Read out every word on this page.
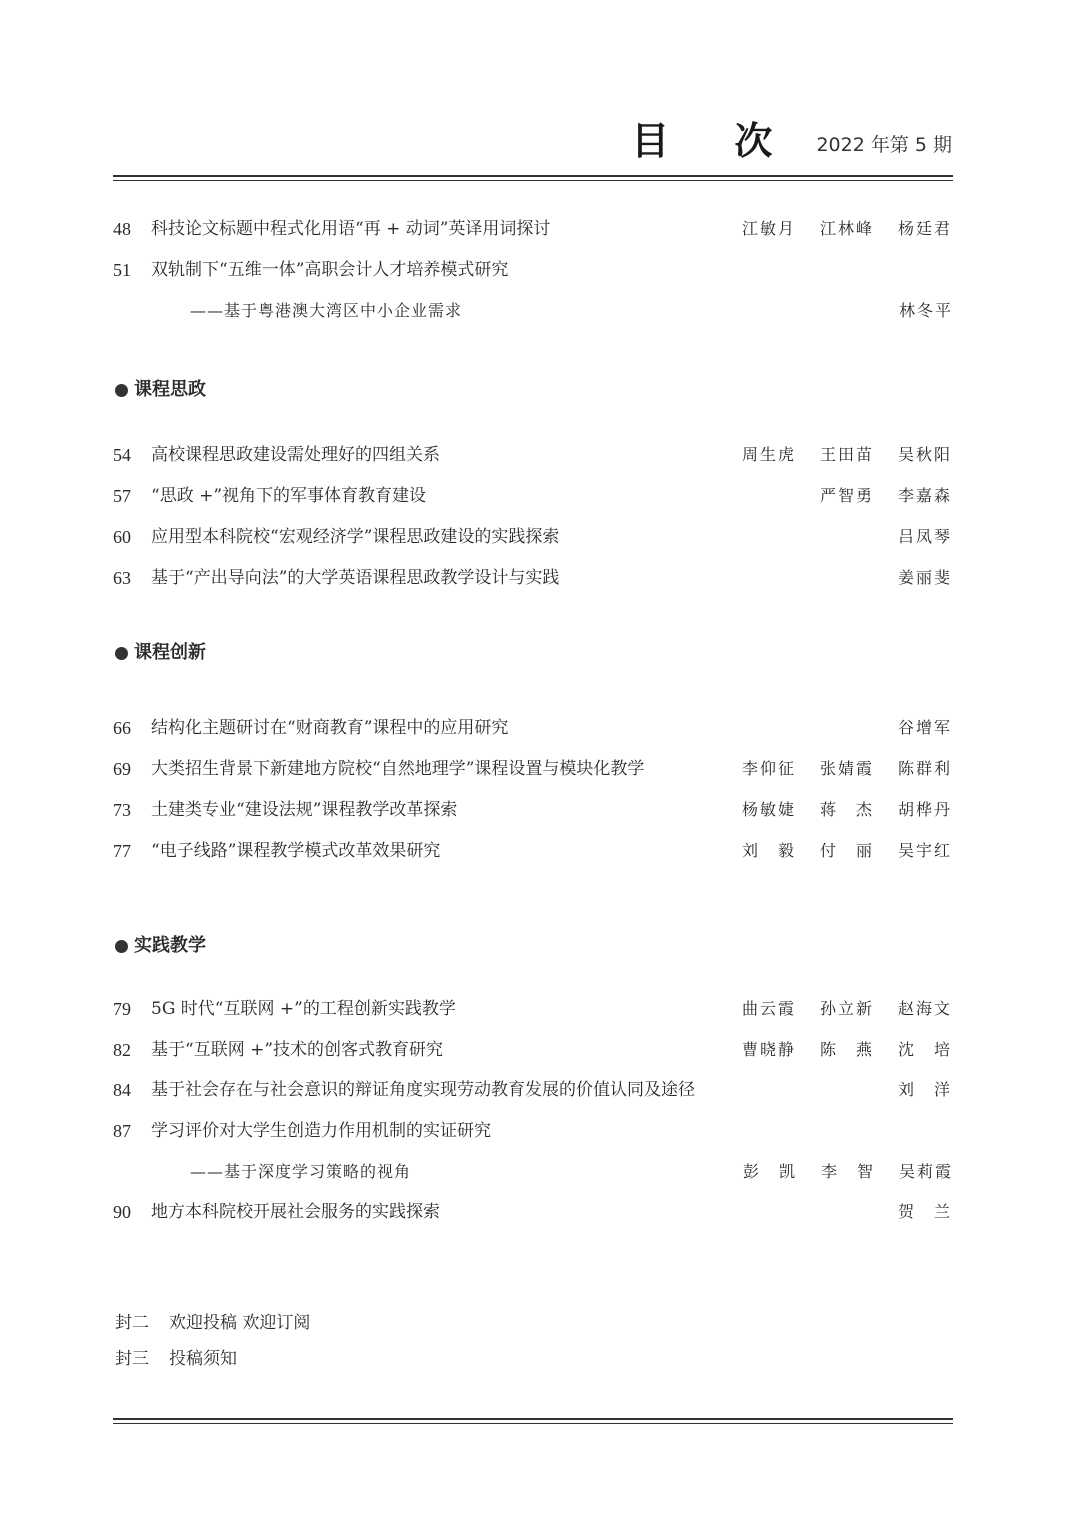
目 次 2022 年第 5 期
48	科技论文标题中程式化用语“再 + 动词”英译用词探讨	江敏月 江林峰 杨廷君
51	双轨制下“五维一体”高职会计人才培养模式研究
——基于粤港澳大湾区中小企业需求	林冬平
课程思政
54	高校课程思政建设需处理好的四组关系	周生虎 王田苗 吴秋阳
57	“思政 +”视角下的军事体育教育建设	严智勇 李嘉森
60	应用型本科院校“宏观经济学”课程思政建设的实践探索	吕凤琴
63	基于“产出导向法”的大学英语课程思政教学设计与实践	姜丽斐
课程创新
66	结构化主题研讨在“财商教育”课程中的应用研究	谷增军
69	大类招生背景下新建地方院校“自然地理学”课程设置与模块化教学	李仰征 张婧霞 陈群利
73	土建类专业“建设法规”课程教学改革探索	杨敏婕 蒋　杰 胡桦丹
77	“电子线路”课程教学模式改革效果研究	刘　毅 付　丽 吴宇红
实践教学
79	5G 时代“互联网 +”的工程创新实践教学	曲云霞 孙立新 赵海文
82	基于“互联网 +”技术的创客式教育研究	曹晓静 陈　燕 沈　培
84	基于社会存在与社会意识的辩证角度实现劳动教育发展的价值认同及途径	刘　洋
87	学习评价对大学生创造力作用机制的实证研究
——基于深度学习策略的视角	彭　凯 李　智 吴莉霞
90	地方本科院校开展社会服务的实践探索	贺　兰
封二 欢迎投稿 欢迎订阅
封三 投稿须知
